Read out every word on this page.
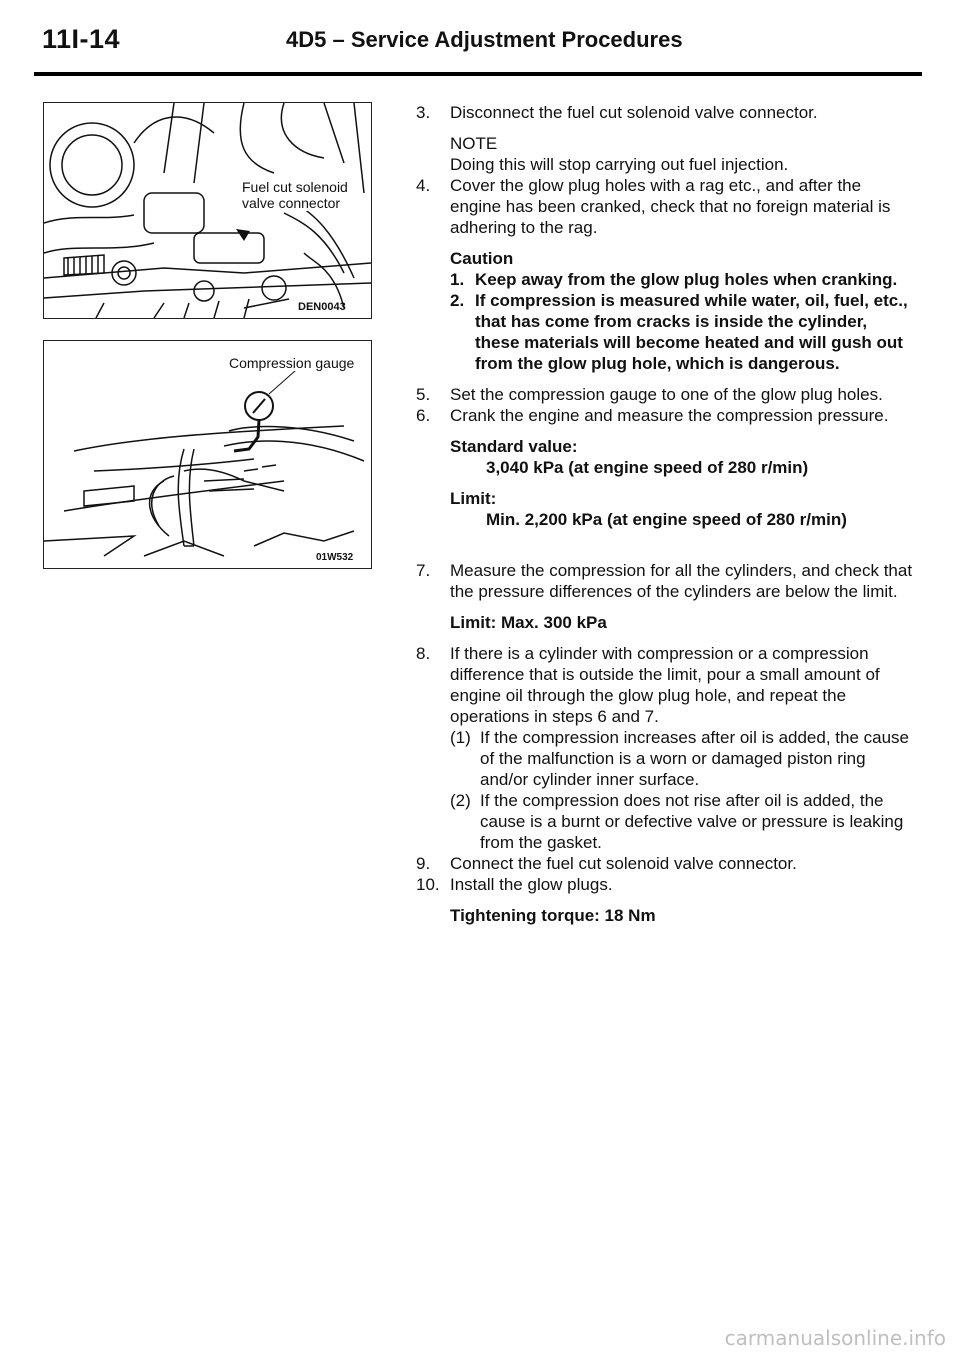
11I-14	4D5 – Service Adjustment Procedures
Fuel cut solenoid
valve connector
DEN0043
Compression gauge
01W532
3. Disconnect the fuel cut solenoid valve connector.
NOTE
Doing this will stop carrying out fuel injection.
4. Cover the glow plug holes with a rag etc., and after the engine has been cranked, check that no foreign material is adhering to the rag.
Caution
1. Keep away from the glow plug holes when cranking.
2. If compression is measured while water, oil, fuel, etc., that has come from cracks is inside the cylinder, these materials will become heated and will gush out from the glow plug hole, which is dangerous.
5. Set the compression gauge to one of the glow plug holes.
6. Crank the engine and measure the compression pressure.
Standard value:
3,040 kPa (at engine speed of 280 r/min)
Limit:
Min. 2,200 kPa (at engine speed of 280 r/min)
7. Measure the compression for all the cylinders, and check that the pressure differences of the cylinders are below the limit.
Limit: Max. 300 kPa
8. If there is a cylinder with compression or a compression difference that is outside the limit, pour a small amount of engine oil through the glow plug hole, and repeat the operations in steps 6 and 7.
(1) If the compression increases after oil is added, the cause of the malfunction is a worn or damaged piston ring and/or cylinder inner surface.
(2) If the compression does not rise after oil is added, the cause is a burnt or defective valve or pressure is leaking from the gasket.
9. Connect the fuel cut solenoid valve connector.
10. Install the glow plugs.
Tightening torque: 18 Nm
carmanualsonline.info
